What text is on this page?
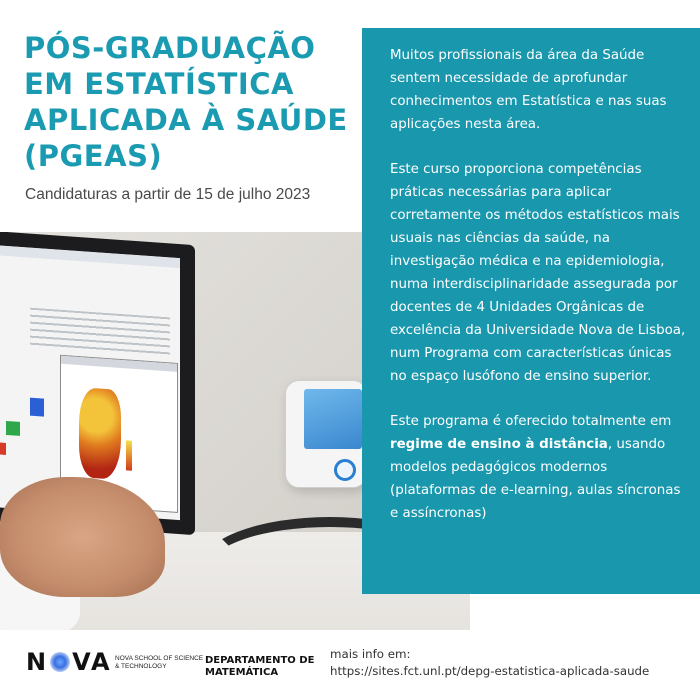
PÓS-GRADUAÇÃO
EM ESTATÍSTICA
APLICADA À SAÚDE
(PGEAS)
Candidaturas a partir de 15 de julho 2023

Muitos profissionais da área da Saúde sentem necessidade de aprofundar conhecimentos em Estatística e nas suas aplicações nesta área.

Este curso proporciona competências práticas necessárias para aplicar corretamente os métodos estatísticos mais usuais nas ciências da saúde, na investigação médica e na epidemiologia, numa interdisciplinaridade assegurada por docentes de 4 Unidades Orgânicas de excelência da Universidade Nova de Lisboa, num Programa com características únicas no espaço lusófono de ensino superior.

Este programa é oferecido totalmente em regime de ensino à distância, usando modelos pedagógicos modernos (plataformas de e-learning, aulas síncronas e assíncronas)

N VA NOVA SCHOOL OF SCIENCE & TECHNOLOGY
DEPARTAMENTO DE MATEMÁTICA
mais info em:
https://sites.fct.unl.pt/depg-estatistica-aplicada-saude
